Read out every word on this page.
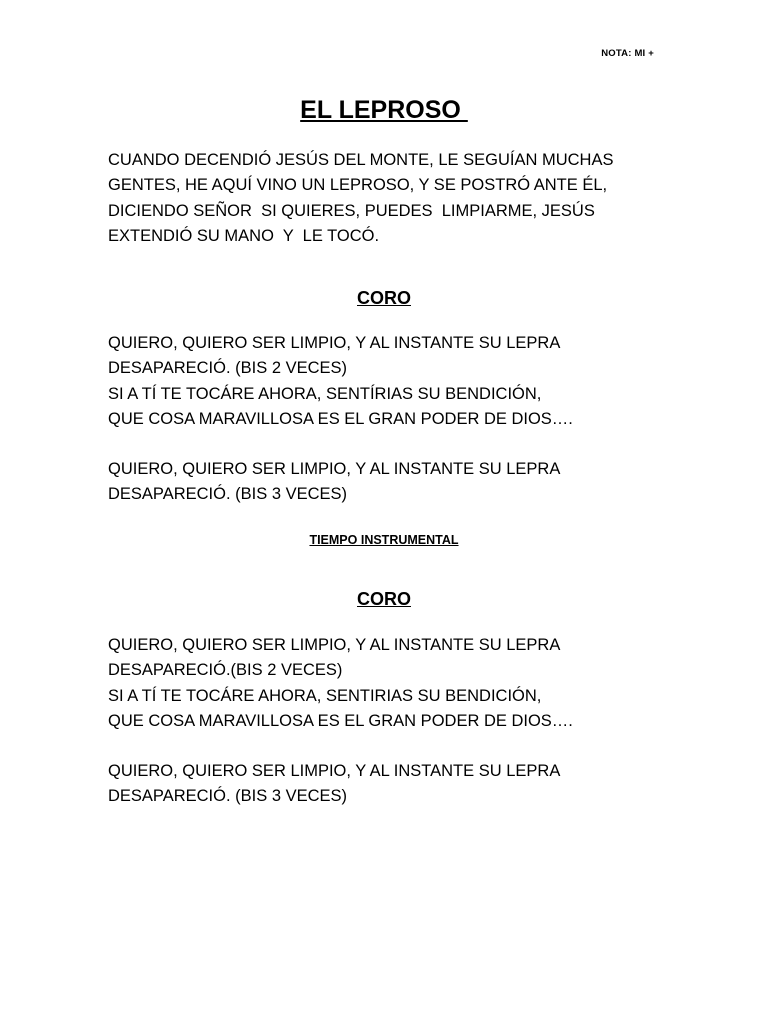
NOTA: MI +
EL LEPROSO
CUANDO DECENDIÓ JESÚS DEL MONTE, LE SEGUÍAN MUCHAS
GENTES, HE AQUÍ VINO UN LEPROSO, Y SE POSTRÓ ANTE ÉL,
DICIENDO SEÑOR  SI QUIERES, PUEDES  LIMPIARME, JESÚS
EXTENDIÓ SU MANO  Y  LE TOCÓ.
CORO
QUIERO, QUIERO SER LIMPIO, Y AL INSTANTE SU LEPRA
DESAPARECIÓ. (BIS 2 VECES)
SI A TÍ TE TOCÁRE AHORA, SENTÍRIAS SU BENDICIÓN,
QUE COSA MARAVILLOSA ES EL GRAN PODER DE DIOS….
QUIERO, QUIERO SER LIMPIO, Y AL INSTANTE SU LEPRA
DESAPARECIÓ. (BIS 3 VECES)
TIEMPO INSTRUMENTAL
CORO
QUIERO, QUIERO SER LIMPIO, Y AL INSTANTE SU LEPRA
DESAPARECIÓ.(BIS 2 VECES)
SI A TÍ TE TOCÁRE AHORA, SENTIRIAS SU BENDICIÓN,
QUE COSA MARAVILLOSA ES EL GRAN PODER DE DIOS….
QUIERO, QUIERO SER LIMPIO, Y AL INSTANTE SU LEPRA
DESAPARECIÓ. (BIS 3 VECES)
